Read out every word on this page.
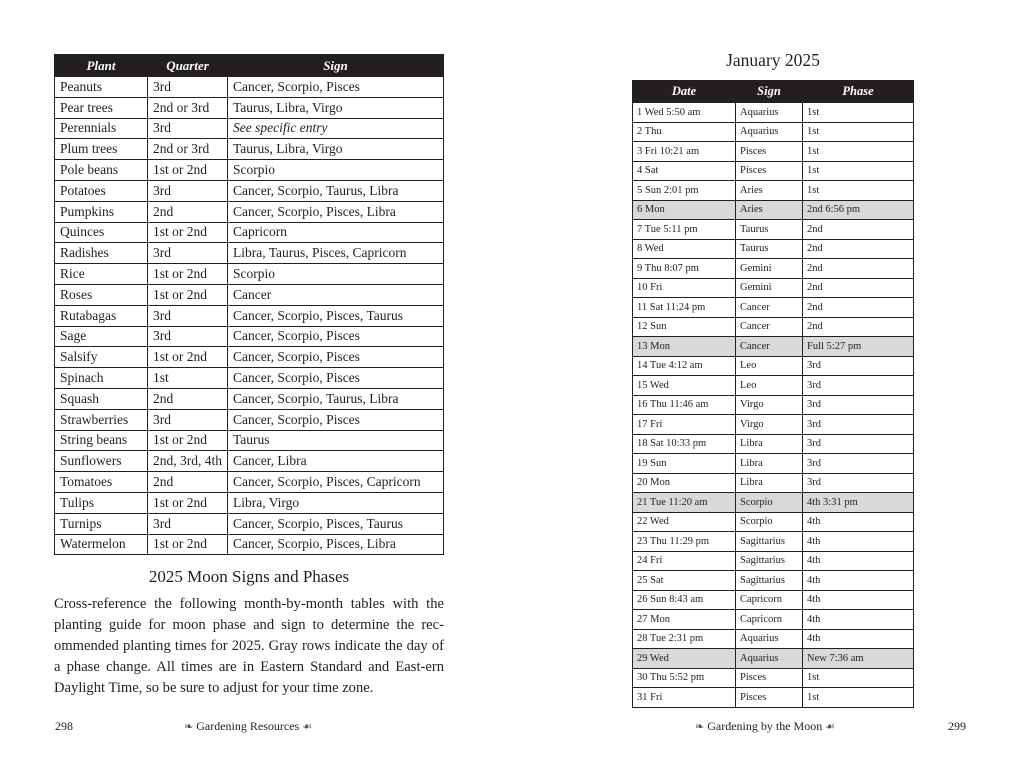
Plant	Quarter	Sign
Peanuts	3rd	Cancer, Scorpio, Pisces
Pear trees	2nd or 3rd	Taurus, Libra, Virgo
Perennials	3rd	See specific entry
Plum trees	2nd or 3rd	Taurus, Libra, Virgo
Pole beans	1st or 2nd	Scorpio
Potatoes	3rd	Cancer, Scorpio, Taurus, Libra
Pumpkins	2nd	Cancer, Scorpio, Pisces, Libra
Quinces	1st or 2nd	Capricorn
Radishes	3rd	Libra, Taurus, Pisces, Capricorn
Rice	1st or 2nd	Scorpio
Roses	1st or 2nd	Cancer
Rutabagas	3rd	Cancer, Scorpio, Pisces, Taurus
Sage	3rd	Cancer, Scorpio, Pisces
Salsify	1st or 2nd	Cancer, Scorpio, Pisces
Spinach	1st	Cancer, Scorpio, Pisces
Squash	2nd	Cancer, Scorpio, Taurus, Libra
Strawberries	3rd	Cancer, Scorpio, Pisces
String beans	1st or 2nd	Taurus
Sunflowers	2nd, 3rd, 4th	Cancer, Libra
Tomatoes	2nd	Cancer, Scorpio, Pisces, Capricorn
Tulips	1st or 2nd	Libra, Virgo
Turnips	3rd	Cancer, Scorpio, Pisces, Taurus
Watermelon	1st or 2nd	Cancer, Scorpio, Pisces, Libra
2025 Moon Signs and Phases

Cross-reference the following month-by-month tables with the planting guide for moon phase and sign to determine the rec-ommended planting times for 2025. Gray rows indicate the day of a phase change. All times are in Eastern Standard and East-ern Daylight Time, so be sure to adjust for your time zone.

298	❧ Gardening Resources ☙
January 2025
Date	Sign	Phase
1 Wed 5:50 am	Aquarius	1st
2 Thu	Aquarius	1st
3 Fri 10:21 am	Pisces	1st
4 Sat	Pisces	1st
5 Sun 2:01 pm	Aries	1st
6 Mon	Aries	2nd 6:56 pm
7 Tue 5:11 pm	Taurus	2nd
8 Wed	Taurus	2nd
9 Thu 8:07 pm	Gemini	2nd
10 Fri	Gemini	2nd
11 Sat 11:24 pm	Cancer	2nd
12 Sun	Cancer	2nd
13 Mon	Cancer	Full 5:27 pm
14 Tue 4:12 am	Leo	3rd
15 Wed	Leo	3rd
16 Thu 11:46 am	Virgo	3rd
17 Fri	Virgo	3rd
18 Sat 10:33 pm	Libra	3rd
19 Sun	Libra	3rd
20 Mon	Libra	3rd
21 Tue 11:20 am	Scorpio	4th 3:31 pm
22 Wed	Scorpio	4th
23 Thu 11:29 pm	Sagittarius	4th
24 Fri	Sagittarius	4th
25 Sat	Sagittarius	4th
26 Sun 8:43 am	Capricorn	4th
27 Mon	Capricorn	4th
28 Tue 2:31 pm	Aquarius	4th
29 Wed	Aquarius	New 7:36 am
30 Thu 5:52 pm	Pisces	1st
31 Fri	Pisces	1st
❧ Gardening by the Moon ☙	299
